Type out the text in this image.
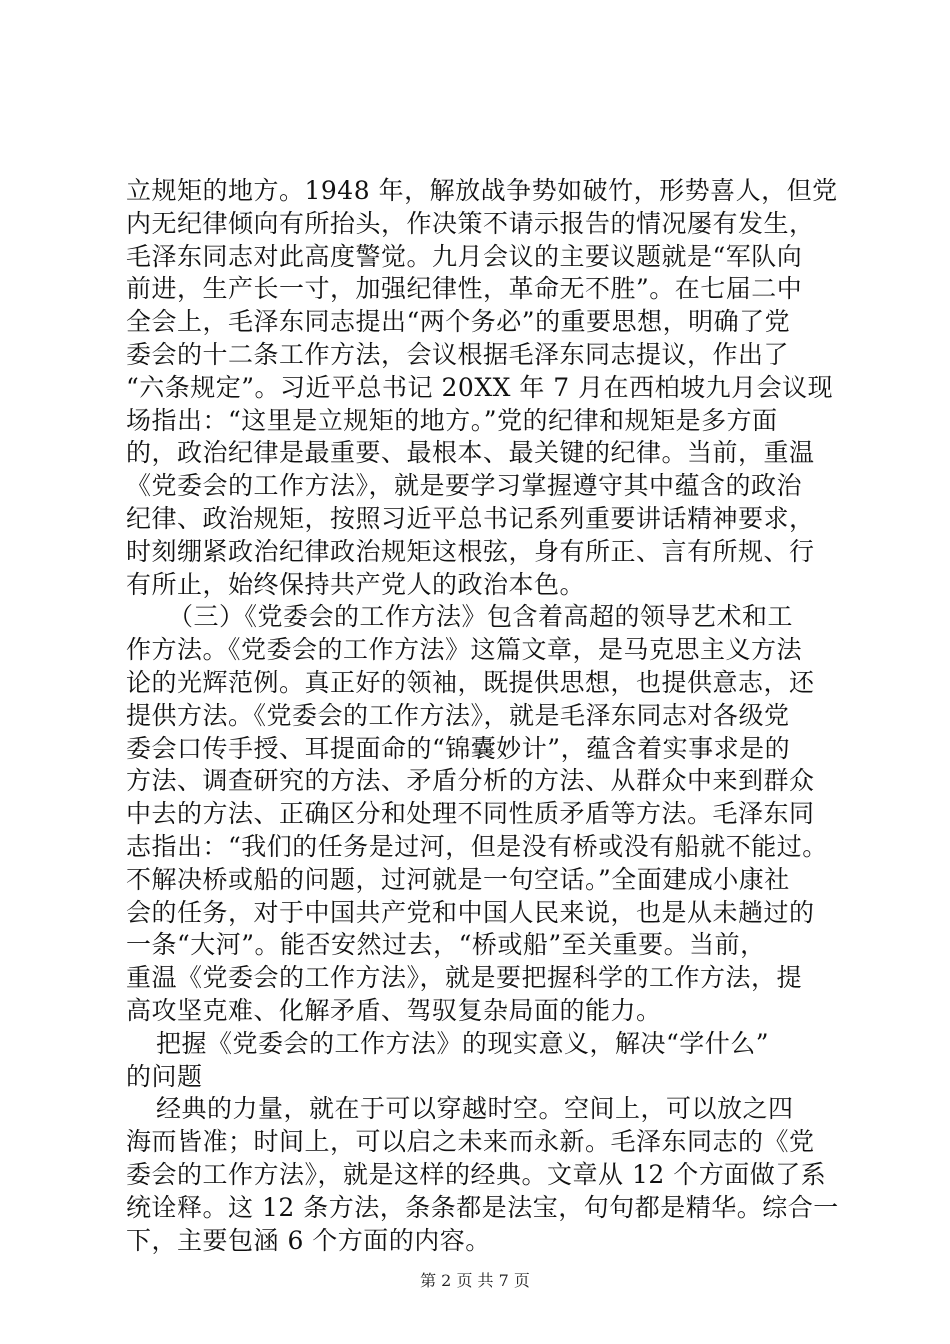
立规矩的地方。1948 年，解放战争势如破竹，形势喜人，但党
内无纪律倾向有所抬头，作决策不请示报告的情况屡有发生，
毛泽东同志对此高度警觉。九月会议的主要议题就是“军队向
前进，生产长一寸，加强纪律性，革命无不胜”。在七届二中
全会上，毛泽东同志提出“两个务必”的重要思想，明确了党
委会的十二条工作方法，会议根据毛泽东同志提议，作出了
“六条规定”。习近平总书记 20XX 年 7 月在西柏坡九月会议现
场指出：“这里是立规矩的地方。”党的纪律和规矩是多方面
的，政治纪律是最重要、最根本、最关键的纪律。当前，重温
《党委会的工作方法》，就是要学习掌握遵守其中蕴含的政治
纪律、政治规矩，按照习近平总书记系列重要讲话精神要求，
时刻绷紧政治纪律政治规矩这根弦，身有所正、言有所规、行
有所止，始终保持共产党人的政治本色。
（三）《党委会的工作方法》包含着高超的领导艺术和工
作方法。《党委会的工作方法》这篇文章，是马克思主义方法
论的光辉范例。真正好的领袖，既提供思想，也提供意志，还
提供方法。《党委会的工作方法》，就是毛泽东同志对各级党
委会口传手授、耳提面命的“锦囊妙计”，蕴含着实事求是的
方法、调查研究的方法、矛盾分析的方法、从群众中来到群众
中去的方法、正确区分和处理不同性质矛盾等方法。毛泽东同
志指出：“我们的任务是过河，但是没有桥或没有船就不能过。
不解决桥或船的问题，过河就是一句空话。”全面建成小康社
会的任务，对于中国共产党和中国人民来说，也是从未趟过的
一条“大河”。能否安然过去，“桥或船”至关重要。当前，
重温《党委会的工作方法》，就是要把握科学的工作方法，提
高攻坚克难、化解矛盾、驾驭复杂局面的能力。
把握《党委会的工作方法》的现实意义，解决“学什么”
的问题
经典的力量，就在于可以穿越时空。空间上，可以放之四
海而皆准；时间上，可以启之未来而永新。毛泽东同志的《党
委会的工作方法》，就是这样的经典。文章从 12 个方面做了系
统诠释。这 12 条方法，条条都是法宝，句句都是精华。综合一
下，主要包涵 6 个方面的内容。
第 2 页 共 7 页
